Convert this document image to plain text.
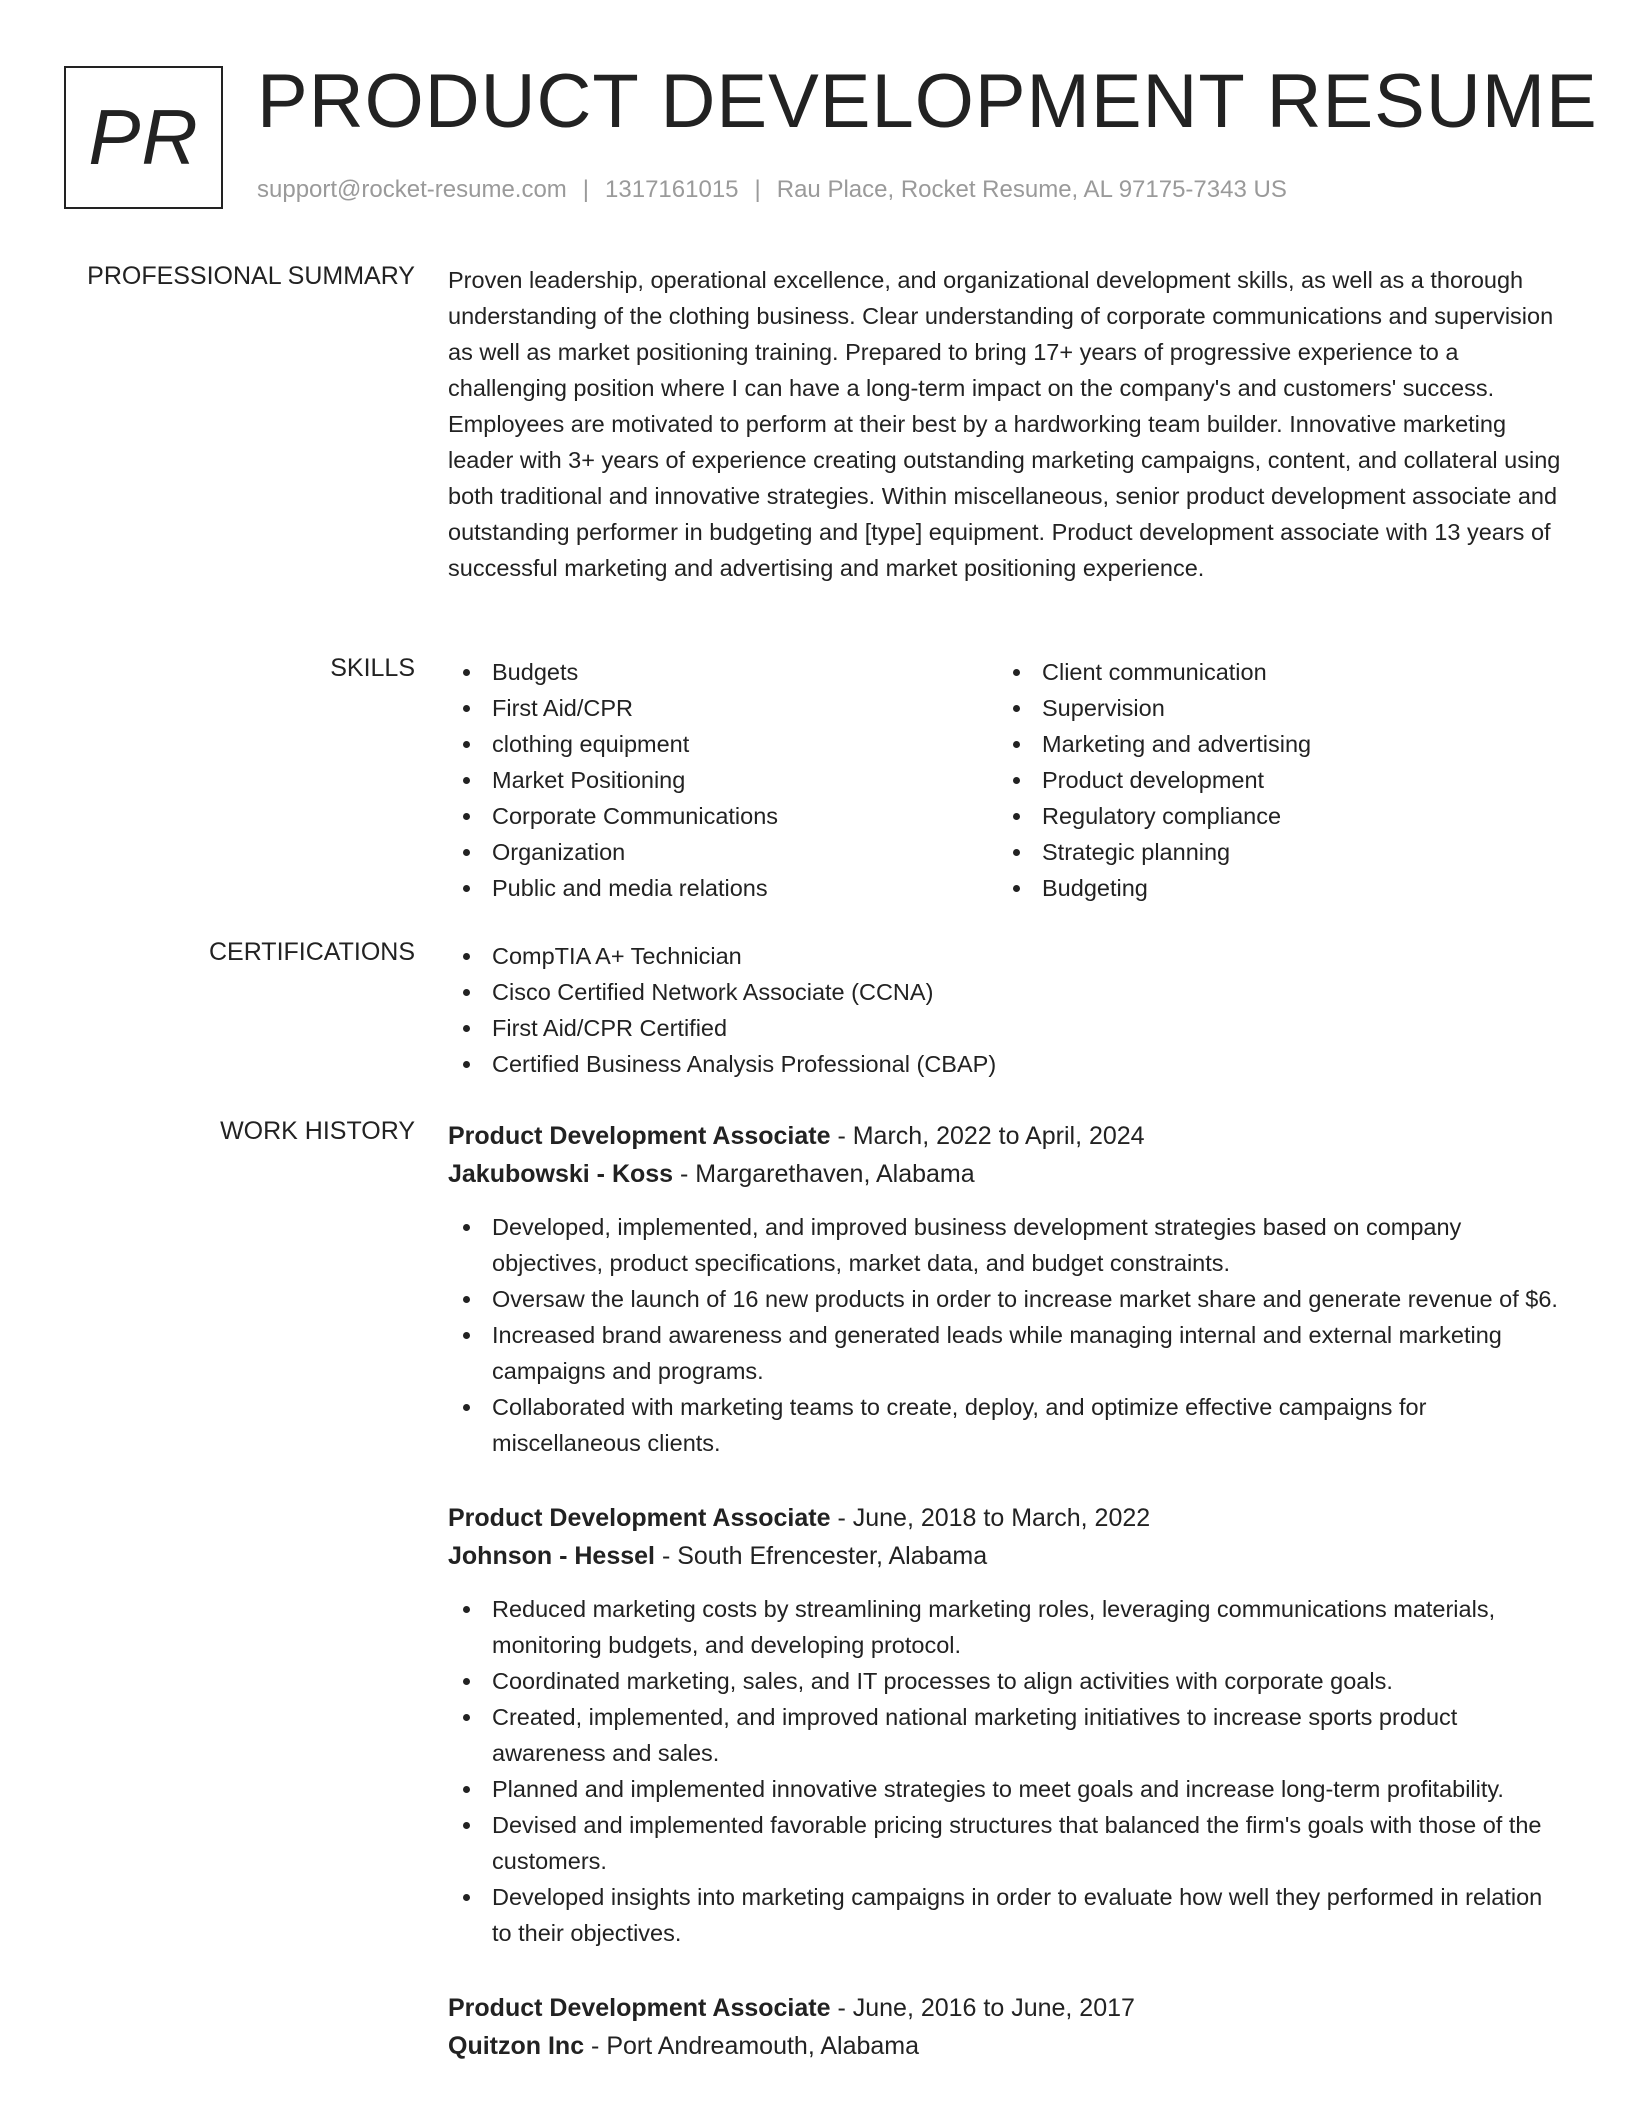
PR PRODUCT DEVELOPMENT RESUME
support@rocket-resume.com | 1317161015 | Rau Place, Rocket Resume, AL 97175-7343 US
PROFESSIONAL SUMMARY Proven leadership, operational excellence, and organizational development skills, as well as a thorough understanding of the clothing business. Clear understanding of corporate communications and supervision as well as market positioning training. Prepared to bring 17+ years of progressive experience to a challenging position where I can have a long-term impact on the company's and customers' success. Employees are motivated to perform at their best by a hardworking team builder. Innovative marketing leader with 3+ years of experience creating outstanding marketing campaigns, content, and collateral using both traditional and innovative strategies. Within miscellaneous, senior product development associate and outstanding performer in budgeting and [type] equipment. Product development associate with 13 years of successful marketing and advertising and market positioning experience.

SKILLS	Budgets
First Aid/CPR
clothing equipment
Market Positioning
Corporate Communications
Organization
Public and media relations
Client communication
Supervision
Marketing and advertising
Product development
Regulatory compliance
Strategic planning
Budgeting
CERTIFICATIONS	CompTIA A+ Technician
Cisco Certified Network Associate (CCNA)
First Aid/CPR Certified
Certified Business Analysis Professional (CBAP)
WORK HISTORY Product Development Associate - March, 2022 to April, 2024
Jakubowski - Koss - Margarethaven, Alabama
Developed, implemented, and improved business development strategies based on company objectives, product specifications, market data, and budget constraints.
Oversaw the launch of 16 new products in order to increase market share and generate revenue of $6.
Increased brand awareness and generated leads while managing internal and external marketing campaigns and programs.
Collaborated with marketing teams to create, deploy, and optimize effective campaigns for miscellaneous clients.
Product Development Associate - June, 2018 to March, 2022
Johnson - Hessel - South Efrencester, Alabama
Reduced marketing costs by streamlining marketing roles, leveraging communications materials, monitoring budgets, and developing protocol.
Coordinated marketing, sales, and IT processes to align activities with corporate goals.
Created, implemented, and improved national marketing initiatives to increase sports product awareness and sales.
Planned and implemented innovative strategies to meet goals and increase long-term profitability.
Devised and implemented favorable pricing structures that balanced the firm's goals with those of the customers.
Developed insights into marketing campaigns in order to evaluate how well they performed in relation to their objectives.
Product Development Associate - June, 2016 to June, 2017
Quitzon Inc - Port Andreamouth, Alabama
